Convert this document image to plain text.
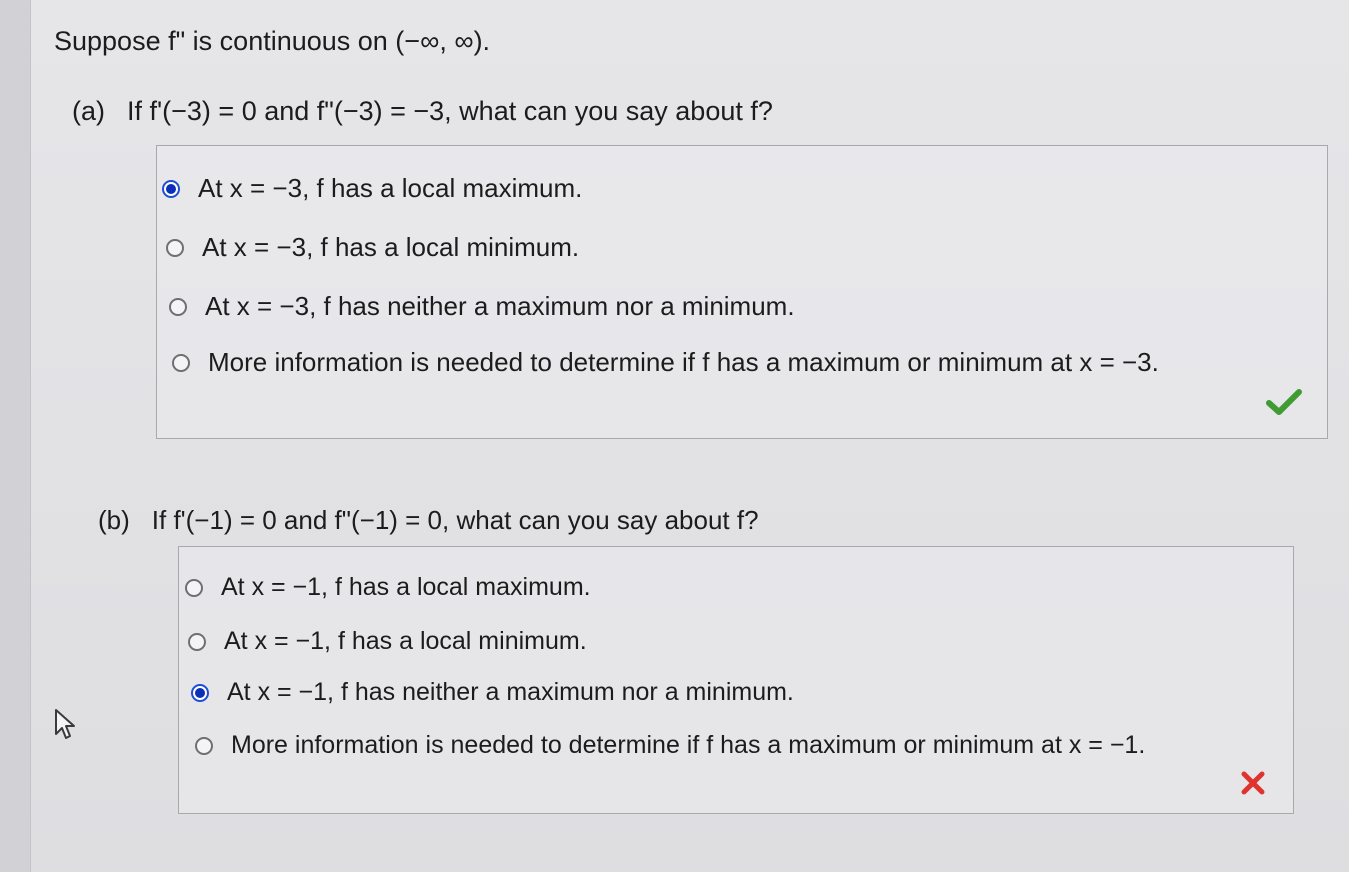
Suppose f" is continuous on (−∞, ∞).
(a) If f'(−3) = 0 and f"(−3) = −3, what can you say about f?
At x = −3, f has a local maximum.
At x = −3, f has a local minimum.
At x = −3, f has neither a maximum nor a minimum.
More information is needed to determine if f has a maximum or minimum at x = −3.
(b) If f'(−1) = 0 and f"(−1) = 0, what can you say about f?
At x = −1, f has a local maximum.
At x = −1, f has a local minimum.
At x = −1, f has neither a maximum nor a minimum.
More information is needed to determine if f has a maximum or minimum at x = −1.
